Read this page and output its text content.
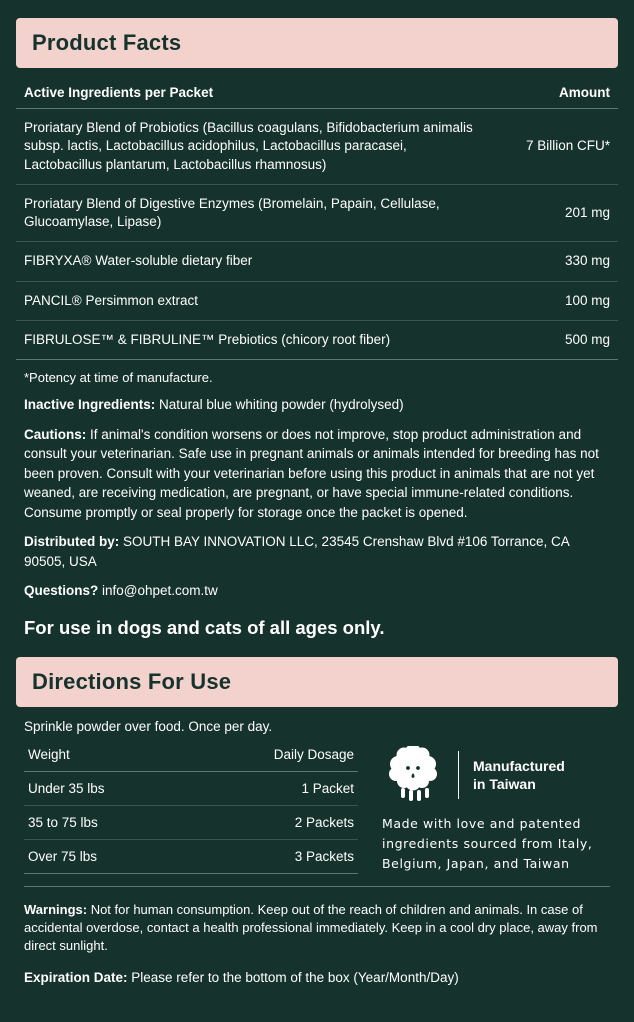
Product Facts
Active Ingredients per Packet	Amount
Proriatary Blend of Probiotics (Bacillus coagulans, Bifidobacterium animalis subsp. lactis, Lactobacillus acidophilus, Lactobacillus paracasei, Lactobacillus plantarum, Lactobacillus rhamnosus)	7 Billion CFU*
Proriatary Blend of Digestive Enzymes (Bromelain, Papain, Cellulase, Glucoamylase, Lipase)	201 mg
FIBRYXA® Water-soluble dietary fiber	330 mg
PANCIL® Persimmon extract	100 mg
FIBRULOSE™ & FIBRULINE™ Prebiotics (chicory root fiber)	500 mg
*Potency at time of manufacture.
Inactive Ingredients: Natural blue whiting powder (hydrolysed)
Cautions: If animal's condition worsens or does not improve, stop product administration and consult your veterinarian. Safe use in pregnant animals or animals intended for breeding has not been proven. Consult with your veterinarian before using this product in animals that are not yet weaned, are receiving medication, are pregnant, or have special immune-related conditions. Consume promptly or seal properly for storage once the packet is opened.
Distributed by: SOUTH BAY INNOVATION LLC, 23545 Crenshaw Blvd #106 Torrance, CA 90505, USA
Questions? info@ohpet.com.tw
For use in dogs and cats of all ages only.
Directions For Use
Sprinkle powder over food. Once per day.
Weight	Daily Dosage
Under 35 lbs	1 Packet
35 to 75 lbs	2 Packets
Over 75 lbs	3 Packets
Manufactured
in Taiwan
Made with love and patented ingredients sourced from Italy, Belgium, Japan, and Taiwan
Warnings: Not for human consumption. Keep out of the reach of children and animals. In case of accidental overdose, contact a health professional immediately. Keep in a cool dry place, away from direct sunlight.
Expiration Date: Please refer to the bottom of the box (Year/Month/Day)
